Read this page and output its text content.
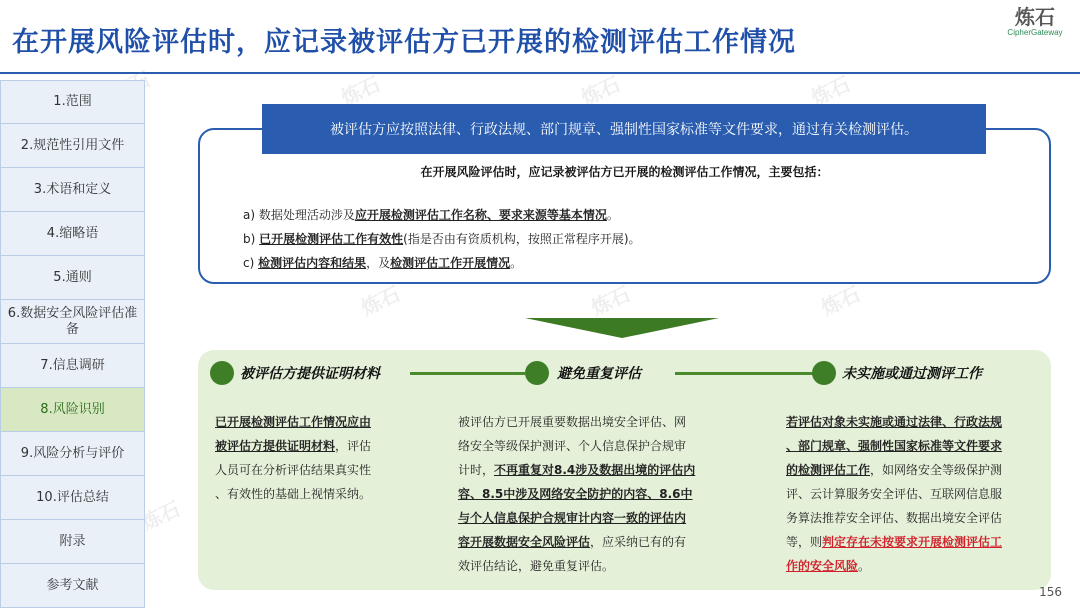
在开展风险评估时，应记录被评估方已开展的检测评估工作情况
炼石
CipherGateway
炼石	炼石	炼石
炼石	炼石	炼石
炼石
1.范围
2.规范性引用文件
3.术语和定义
4.缩略语
5.通则
6.数据安全风险评估准备
7.信息调研
8.风险识别
9.风险分析与评价
10.评估总结
附录
参考文献
被评估方应按照法律、行政法规、部门规章、强制性国家标准等文件要求，通过有关检测评估。
在开展风险评估时，应记录被评估方已开展的检测评估工作情况，主要包括：
a) 数据处理活动涉及应开展检测评估工作名称、要求来源等基本情况。
b) 已开展检测评估工作有效性(指是否由有资质机构，按照正常程序开展)。
c) 检测评估内容和结果，及检测评估工作开展情况。
被评估方提供证明材料	避免重复评估	未实施或通过测评工作
已开展检测评估工作情况应由
被评估方提供证明材料，评估
人员可在分析评估结果真实性
、有效性的基础上视情采纳。
被评估方已开展重要数据出境安全评估、网
络安全等级保护测评、个人信息保护合规审
计时，不再重复对8.4涉及数据出境的评估内
容、8.5中涉及网络安全防护的内容、8.6中
与个人信息保护合规审计内容一致的评估内
容开展数据安全风险评估，应采纳已有的有
效评估结论，避免重复评估。
若评估对象未实施或通过法律、行政法规
、部门规章、强制性国家标准等文件要求
的检测评估工作，如网络安全等级保护测
评、云计算服务安全评估、互联网信息服
务算法推荐安全评估、数据出境安全评估
等，则判定存在未按要求开展检测评估工
作的安全风险。
156
